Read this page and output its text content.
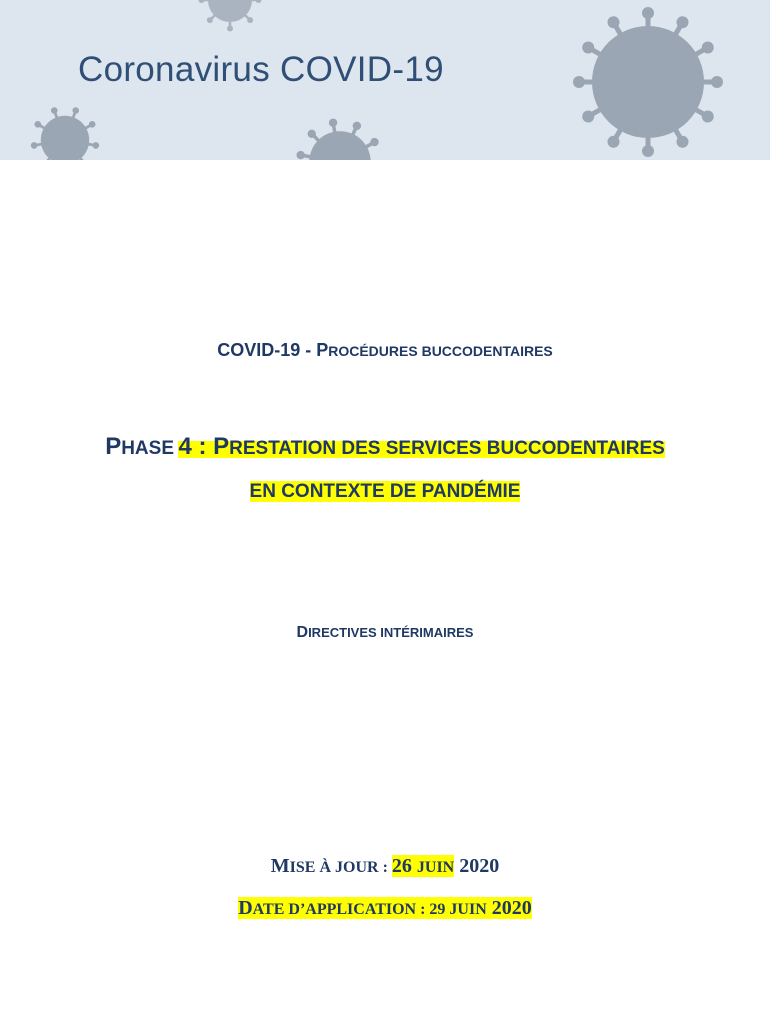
Coronavirus COVID-19
COVID-19 - PROCÉDURES BUCCODENTAIRES
PHASE 4 : PRESTATION DES SERVICES BUCCODENTAIRES
EN CONTEXTE DE PANDÉMIE
DIRECTIVES INTÉRIMAIRES
MISE À JOUR : 26 JUIN 2020
DATE D’APPLICATION : 29 JUIN 2020
